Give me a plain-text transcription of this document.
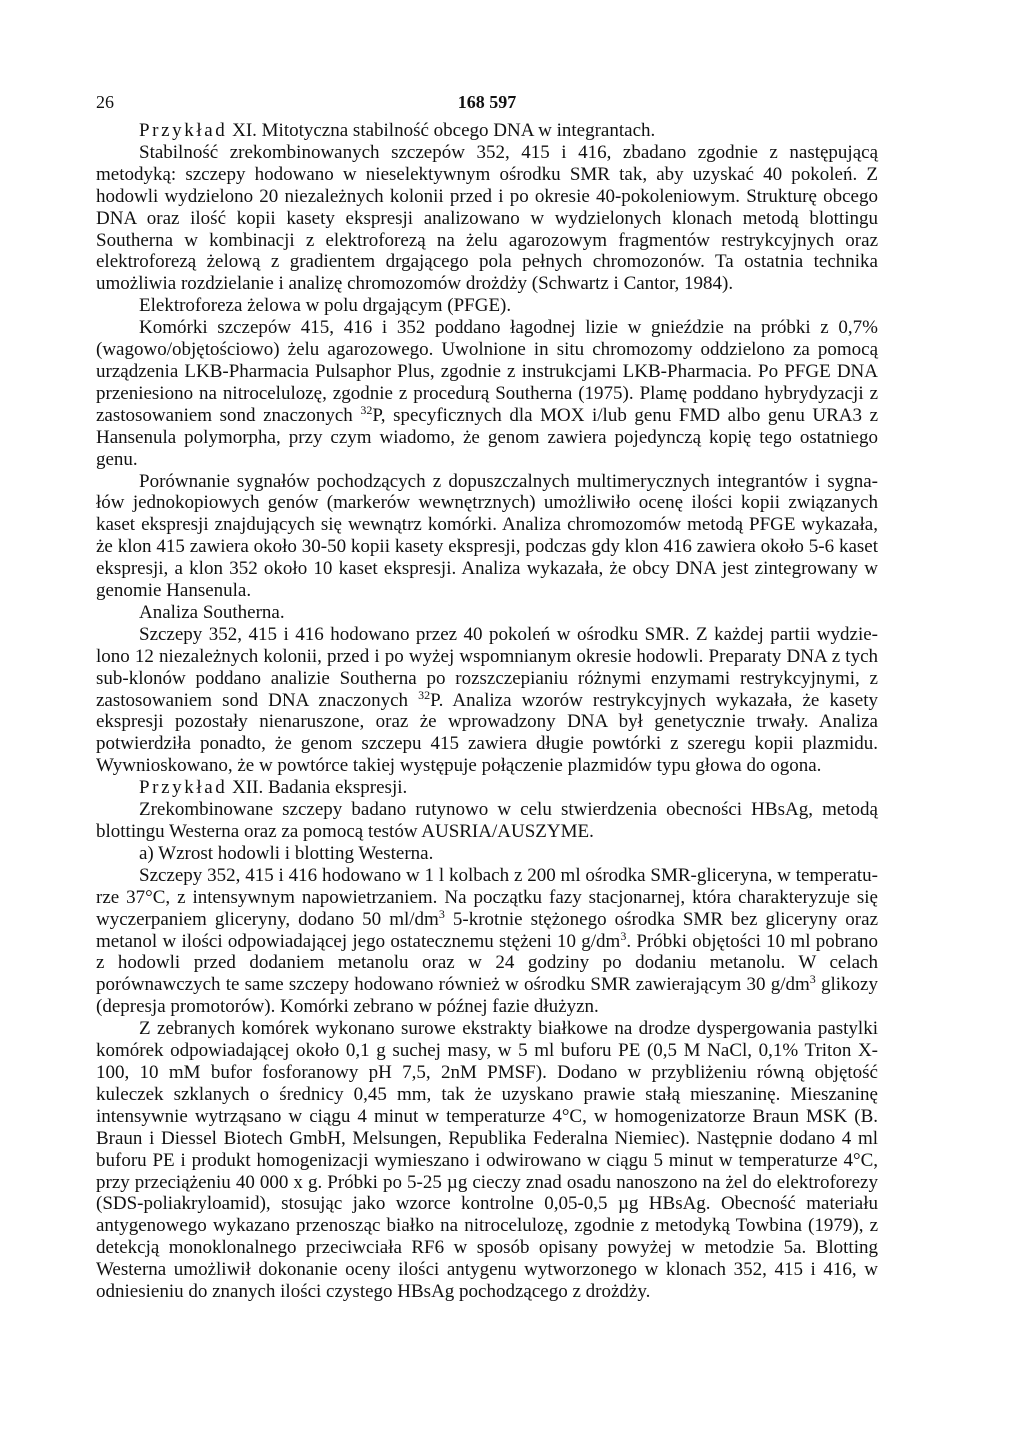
26	168 597

Przykład XI. Mitotyczna stabilność obcego DNA w integrantach.

Stabilność zrekombinowanych szczepów 352, 415 i 416, zbadano zgodnie z następującą metodyką: szczepy hodowano w nieselektywnym ośrodku SMR tak, aby uzyskać 40 pokoleń. Z hodowli wydzielono 20 niezależnych kolonii przed i po okresie 40-pokoleniowym. Strukturę obcego DNA oraz ilość kopii kasety ekspresji analizowano w wydzielonych klonach metodą blottingu Southerna w kombinacji z elektroforezą na żelu agarozowym fragmentów restrykcyjnych oraz elektroforezą żelową z gradientem drgającego pola pełnych chromozonów. Ta ostatnia technika umożliwia rozdzielanie i analizę chromozomów drożdży (Schwartz i Cantor, 1984).

Elektroforeza żelowa w polu drgającym (PFGE).

Komórki szczepów 415, 416 i 352 poddano łagodnej lizie w gnieździe na próbki z 0,7% (wagowo/objętościowo) żelu agarozowego. Uwolnione in situ chromozomy oddzielono za pomocą urządzenia LKB-Pharmacia Pulsaphor Plus, zgodnie z instrukcjami LKB-Pharmacia. Po PFGE DNA przeniesiono na nitrocelulozę, zgodnie z procedurą Southerna (1975). Plamę poddano hybrydyzacji z zastosowaniem sond znaczonych $^{32}$P, specyficznych dla MOX i/lub genu FMD albo genu URA3 z Hansenula polymorpha, przy czym wiadomo, że genom zawiera pojedynczą kopię tego ostatniego genu.

Porównanie sygnałów pochodzących z dopuszczalnych multimerycznych integrantów i sygnałów jednokopiowych genów (markerów wewnętrznych) umożliwiło ocenę ilości kopii związanych kaset ekspresji znajdujących się wewnątrz komórki. Analiza chromozomów metodą PFGE wykazała, że klon 415 zawiera około 30-50 kopii kasety ekspresji, podczas gdy klon 416 zawiera około 5-6 kaset ekspresji, a klon 352 około 10 kaset ekspresji. Analiza wykazała, że obcy DNA jest zintegrowany w genomie Hansenula.

Analiza Southerna.

Szczepy 352, 415 i 416 hodowano przez 40 pokoleń w ośrodku SMR. Z każdej partii wydzielono 12 niezależnych kolonii, przed i po wyżej wspomnianym okresie hodowli. Preparaty DNA z tych sub-klonów poddano analizie Southerna po rozszczepianiu różnymi enzymami restrykcyjnymi, z zastosowaniem sond DNA znaczonych $^{32}$P. Analiza wzorów restrykcyjnych wykazała, że kasety ekspresji pozostały nienaruszone, oraz że wprowadzony DNA był genetycznie trwały. Analiza potwierdziła ponadto, że genom szczepu 415 zawiera długie powtórki z szeregu kopii plazmidu. Wywnioskowano, że w powtórce takiej występuje połączenie plazmidów typu głowa do ogona.

Przykład XII. Badania ekspresji.

Zrekombinowane szczepy badano rutynowo w celu stwierdzenia obecności HBsAg, metodą blottingu Westerna oraz za pomocą testów AUSRIA/AUSZYME.

a) Wzrost hodowli i blotting Westerna.

Szczepy 352, 415 i 416 hodowano w 1 l kolbach z 200 ml ośrodka SMR-gliceryna, w temperaturze 37°C, z intensywnym napowietrzaniem. Na początku fazy stacjonarnej, która charakteryzuje się wyczerpaniem gliceryny, dodano 50 $ml/dm^3$ 5-krotnie stężonego ośrodka SMR bez gliceryny oraz metanol w ilości odpowiadającej jego ostatecznemu stężeni 10 $g/dm^3$. Próbki objętości 10 ml pobrano z hodowli przed dodaniem metanolu oraz w 24 godziny po dodaniu metanolu. W celach porównawczych te same szczepy hodowano również w ośrodku SMR zawierającym 30 $g/dm^3$ glikozy (depresja promotorów). Komórki zebrano w późnej fazie dłużyzn.

Z zebranych komórek wykonano surowe ekstrakty białkowe na drodze dyspergowania pastylki komórek odpowiadającej około 0,1 g suchej masy, w 5 ml buforu PE (0,5 M NaCl, 0,1% Triton X-100, 10 mM bufor fosforanowy pH 7,5, 2nM PMSF). Dodano w przybliżeniu równą objętość kuleczek szklanych o średnicy 0,45 mm, tak że uzyskano prawie stałą mieszaninę. Mieszaninę intensywnie wytrząsano w ciągu 4 minut w temperaturze 4°C, w homogenizatorze Braun MSK (B. Braun i Diessel Biotech GmbH, Melsungen, Republika Federalna Niemiec). Następnie dodano 4 ml buforu PE i produkt homogenizacji wymieszano i odwirowano w ciągu 5 minut w temperaturze 4°C, przy przeciążeniu 40 000 x g. Próbki po 5-25 µg cieczy znad osadu nanoszono na żel do elektroforezy (SDS-poliakryloamid), stosując jako wzorce kontrolne 0,05-0,5 µg HBsAg. Obecność materiału antygenowego wykazano przenosząc białko na nitrocelulozę, zgodnie z metodyką Towbina (1979), z detekcją monoklonalnego przeciwciała RF6 w sposób opisany powyżej w metodzie 5a. Blotting Westerna umożliwił dokonanie oceny ilości antygenu wytworzonego w klonach 352, 415 i 416, w odniesieniu do znanych ilości czystego HBsAg pochodzącego z drożdży.
